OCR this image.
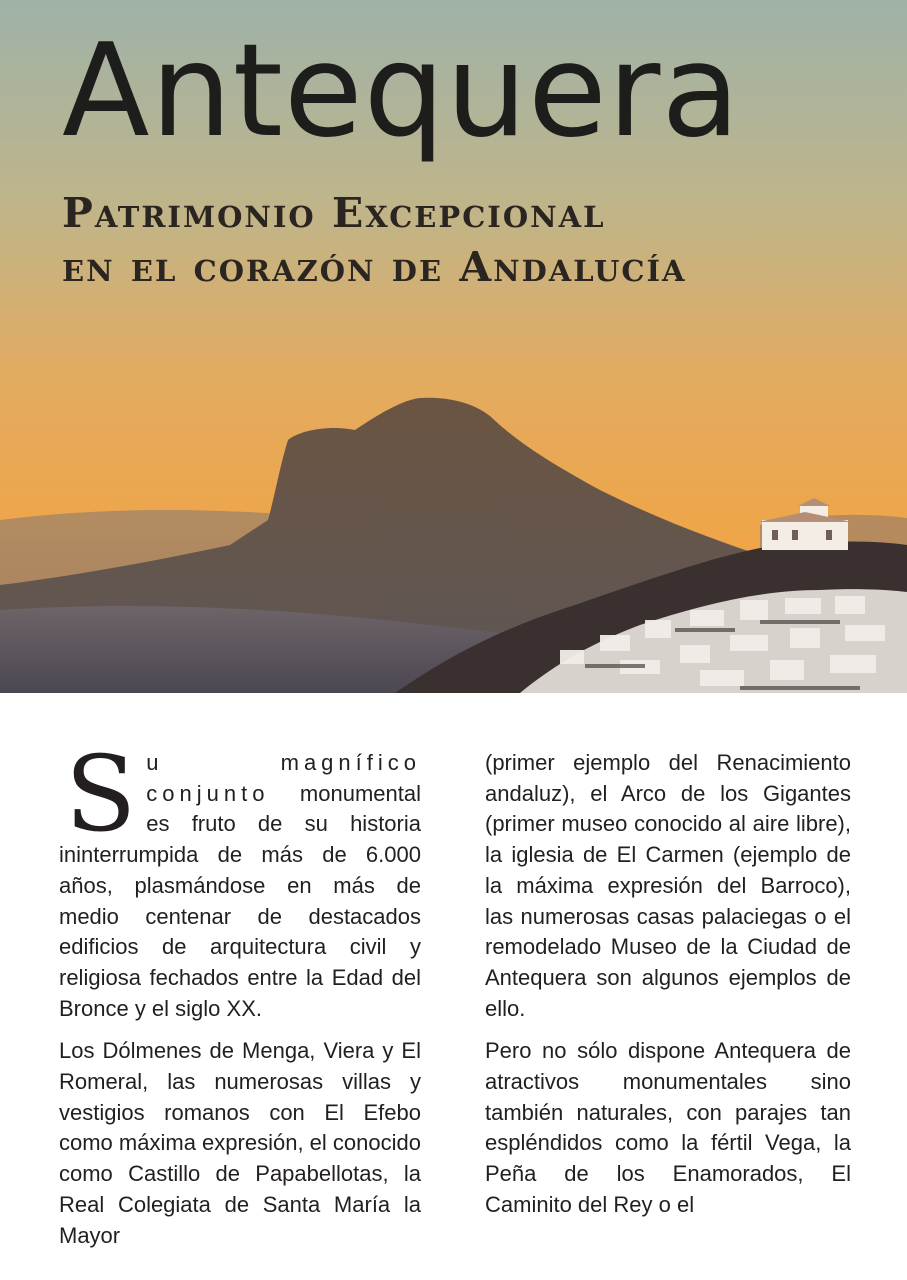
Antequera
Patrimonio Excepcional
en el corazón de Andalucía

Su magnífico conjunto monumental es fruto de su historia ininterrumpida de más de 6.000 años, plasmándose en más de medio centenar de destacados edificios de arquitectura civil y religiosa fechados entre la Edad del Bronce y el siglo XX.

Los Dólmenes de Menga, Viera y El Romeral, las numerosas villas y vestigios romanos con El Efebo como máxima expresión, el conocido como Castillo de Papabellotas, la Real Colegiata de Santa María la Mayor

(primer ejemplo del Renacimiento andaluz), el Arco de los Gigantes (primer museo conocido al aire libre), la iglesia de El Carmen (ejemplo de la máxima expresión del Barroco), las numerosas casas palaciegas o el remodelado Museo de la Ciudad de Antequera son algunos ejemplos de ello.

Pero no sólo dispone Antequera de atractivos monumentales sino también naturales, con parajes tan espléndidos como la fértil Vega, la Peña de los Enamorados, El Caminito del Rey o el
